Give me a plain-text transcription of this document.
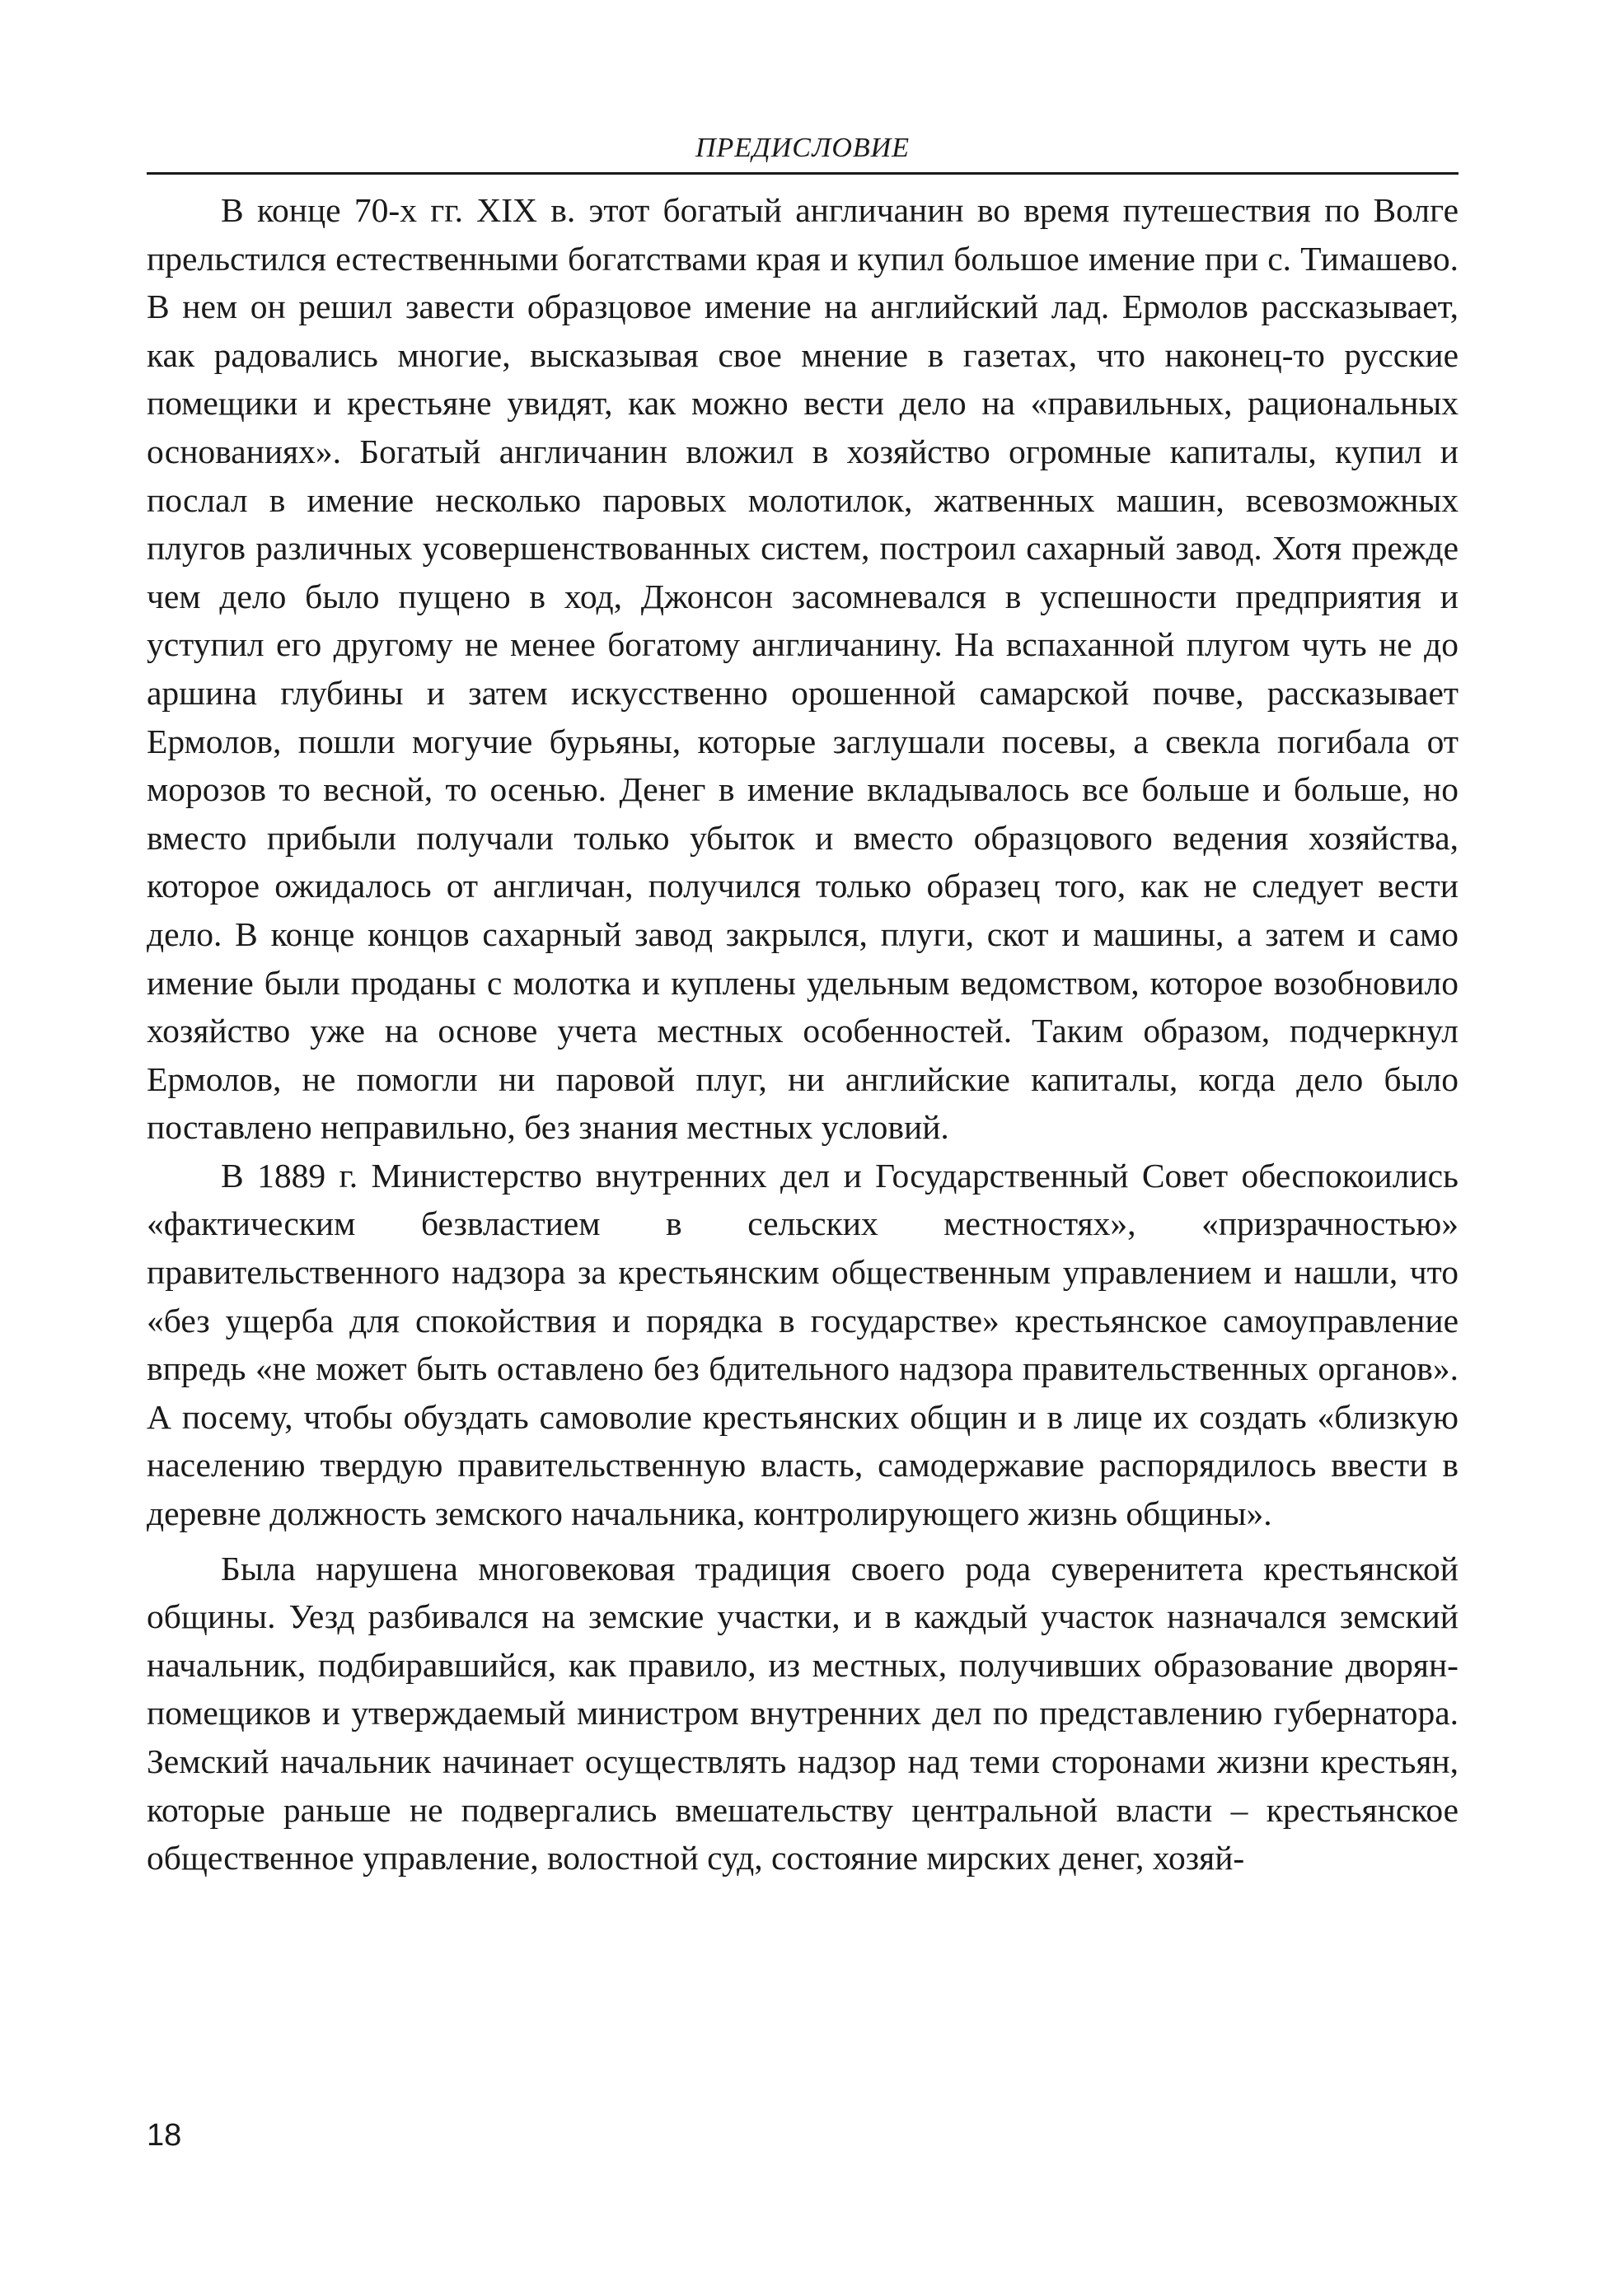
ПРЕДИСЛОВИЕ

В конце 70-х гг. XIX в. этот богатый англичанин во время путешествия по Волге прельстился естественными богатствами края и купил большое имение при с. Тимашево. В нем он решил завести образцовое имение на английский лад. Ермолов рассказывает, как радовались многие, высказывая свое мнение в газетах, что наконец-то русские помещики и крестьяне увидят, как можно вести дело на «правильных, рациональных основаниях». Богатый англичанин вложил в хозяйство огромные капиталы, купил и послал в имение несколько паровых молотилок, жатвенных машин, всевозможных плугов различных усовершенствованных систем, построил сахарный завод. Хотя прежде чем дело было пущено в ход, Джонсон засомневался в успешности предприятия и уступил его другому не менее богатому англичанину. На вспаханной плугом чуть не до аршина глубины и затем искусственно орошенной самарской почве, рассказывает Ермолов, пошли могучие бурьяны, которые заглушали посевы, а свекла погибала от морозов то весной, то осенью. Денег в имение вкладывалось все больше и больше, но вместо прибыли получали только убыток и вместо образцового ведения хозяйства, которое ожидалось от англичан, получился только образец того, как не следует вести дело. В конце концов сахарный завод закрылся, плуги, скот и машины, а затем и само имение были проданы с молотка и куплены удельным ведомством, которое возобновило хозяйство уже на основе учета местных особенностей. Таким образом, подчеркнул Ермолов, не помогли ни паровой плуг, ни английские капиталы, когда дело было поставлено неправильно, без знания местных условий.

В 1889 г. Министерство внутренних дел и Государственный Совет обеспокоились «фактическим безвластием в сельских местностях», «призрачностью» правительственного надзора за крестьянским общественным управлением и нашли, что «без ущерба для спокойствия и порядка в государстве» крестьянское самоуправление впредь «не может быть оставлено без бдительного надзора правительственных органов». А посему, чтобы обуздать самоволие крестьянских общин и в лице их создать «близкую населению твердую правительственную власть, самодержавие распорядилось ввести в деревне должность земского начальника, контролирующего жизнь общины».

Была нарушена многовековая традиция своего рода суверенитета крестьянской общины. Уезд разбивался на земские участки, и в каждый участок назначался земский начальник, подбиравшийся, как правило, из местных, получивших образование дворян-помещиков и утверждаемый министром внутренних дел по представлению губернатора. Земский начальник начинает осуществлять надзор над теми сторонами жизни крестьян, которые раньше не подвергались вмешательству центральной власти – крестьянское общественное управление, волостной суд, состояние мирских денег, хозяй-

18
